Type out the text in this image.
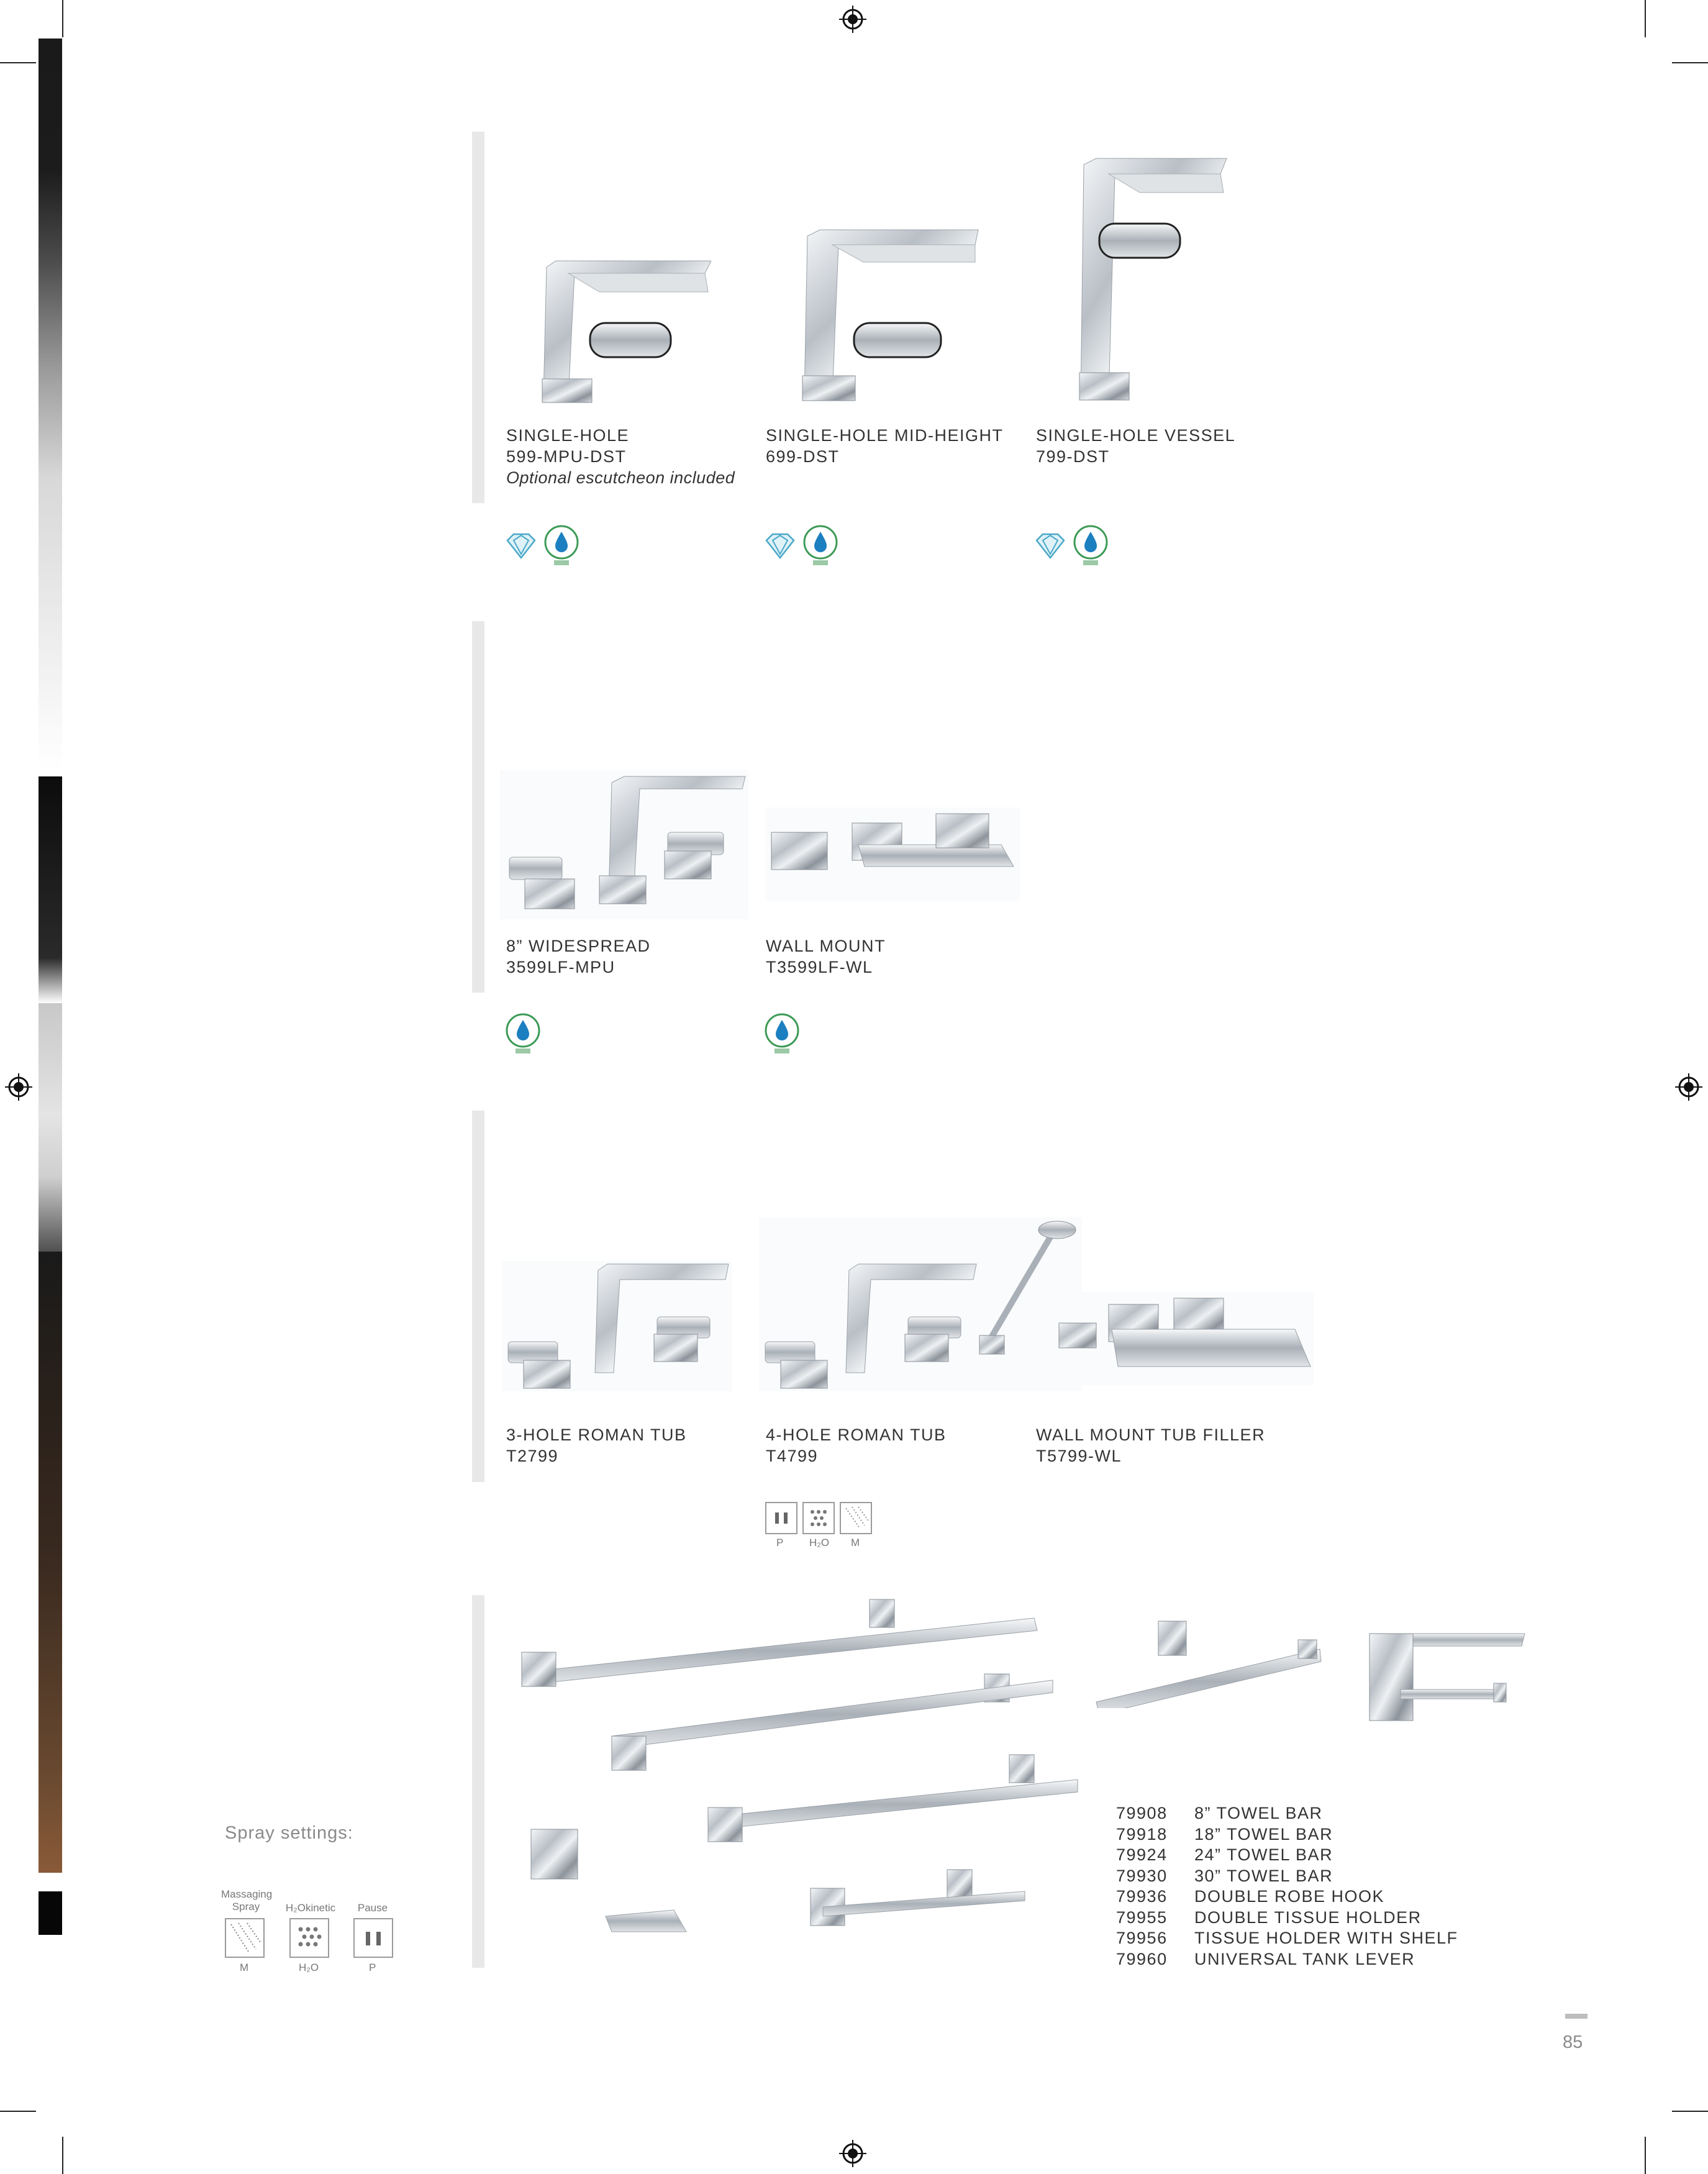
SINGLE-HOLE
599-MPU-DST
Optional escutcheon included
SINGLE-HOLE MID-HEIGHT
699-DST
SINGLE-HOLE VESSEL
799-DST
8” WIDESPREAD
3599LF-MPU
WALL MOUNT
T3599LF-WL
3-HOLE ROMAN TUB
T2799
4-HOLE ROMAN TUB
T4799
WALL MOUNT TUB FILLER
T5799-WL
P H₂O M
79908	8” TOWEL BAR
79918	18” TOWEL BAR
79924	24” TOWEL BAR
79930	30” TOWEL BAR
79936	DOUBLE ROBE HOOK
79955	DOUBLE TISSUE HOLDER
79956	TISSUE HOLDER WITH SHELF
79960	UNIVERSAL TANK LEVER
Spray settings:
Massaging
Spray	H₂Okinetic	Pause
M	H₂O	P
85
